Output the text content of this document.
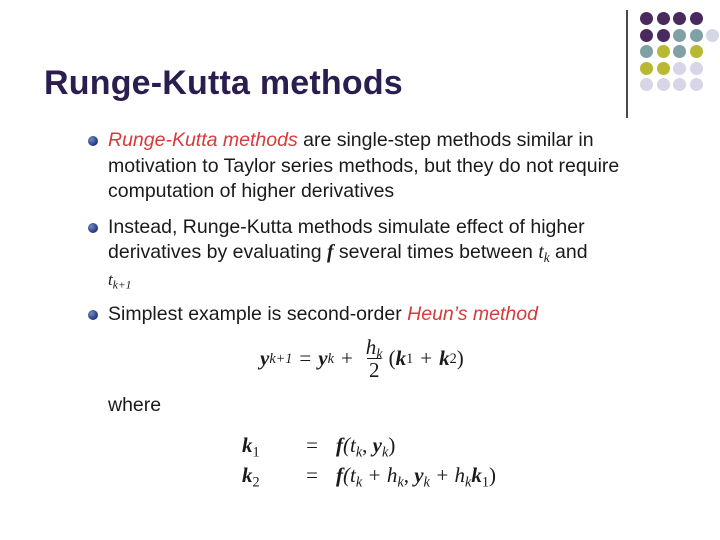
Runge-Kutta methods
Runge-Kutta methods are single-step methods similar in
motivation to Taylor series methods, but they do not require
computation of higher derivatives
Instead, Runge-Kutta methods simulate effect of higher
derivatives by evaluating f several times between $t_k$ and
$t_{k+1}$
Simplest example is second-order Heun’s method
y k+1 = y $k + \frac{h_k}{2}$ ( k 1 + k 2 )
where
$k_1$	= $f(t_k$, $y_k$)
$k_2$	= $f(t_k + h_k$, $y_k + h_kk_1$)
